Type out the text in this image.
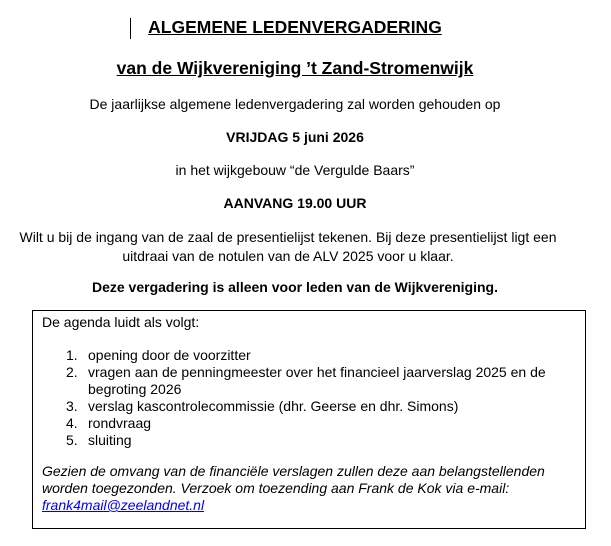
ALGEMENE LEDENVERGADERING
van de Wijkvereniging ’t Zand-Stromenwijk
De jaarlijkse algemene ledenvergadering zal worden gehouden op
VRIJDAG 5 juni 2026
in het wijkgebouw “de Vergulde Baars”
AANVANG 19.00 UUR
Wilt u bij de ingang van de zaal de presentielijst tekenen. Bij deze presentielijst ligt een
uitdraai van de notulen van de ALV 2025 voor u klaar.
Deze vergadering is alleen voor leden van de Wijkvereniging.
De agenda luidt als volgt:
1. opening door de voorzitter
2. vragen aan de penningmeester over het financieel jaarverslag 2025 en de begroting 2026
3. verslag kascontrolecommissie (dhr. Geerse en dhr. Simons)
4. rondvraag
5. sluiting
Gezien de omvang van de financiële verslagen zullen deze aan belangstellenden worden toegezonden. Verzoek om toezending aan Frank de Kok via e-mail:
frank4mail@zeelandnet.nl
